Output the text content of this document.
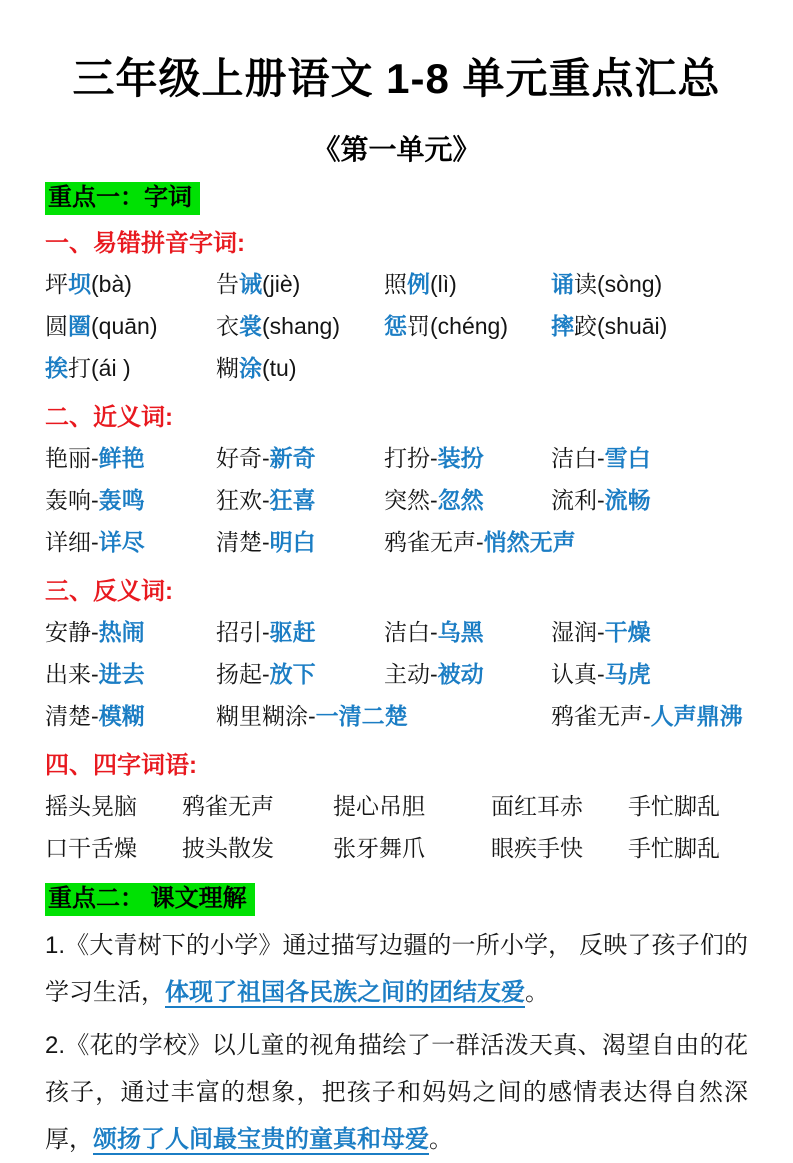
三年级上册语文 1-8 单元重点汇总
《第一单元》
重点一：字词
一、易错拼音字词:
坪坝(bà)	告诫(jiè)	照例(lì)	诵读(sòng)
圆圈(quān)	衣裳(shang)	惩罚(chéng)	摔跤(shuāi)
挨打(ái )	糊涂(tu)
二、近义词:
艳丽-鲜艳	好奇-新奇	打扮-装扮	洁白-雪白
轰响-轰鸣	狂欢-狂喜	突然-忽然	流利-流畅
详细-详尽	清楚-明白	鸦雀无声-悄然无声
三、反义词:
安静-热闹	招引-驱赶	洁白-乌黑	湿润-干燥
出来-进去	扬起-放下	主动-被动	认真-马虎
清楚-模糊	糊里糊涂-一清二楚	鸦雀无声-人声鼎沸
四、四字词语:
摇头晃脑	鸦雀无声	提心吊胆	面红耳赤	手忙脚乱
口干舌燥	披头散发	张牙舞爪	眼疾手快	手忙脚乱
重点二： 课文理解

1.《大青树下的小学》通过描写边疆的一所小学， 反映了孩子们的学习生活，体现了祖国各民族之间的团结友爱。

2.《花的学校》以儿童的视角描绘了一群活泼天真、渴望自由的花孩子，通过丰富的想象，把孩子和妈妈之间的感情表达得自然深厚，颂扬了人间最宝贵的童真和母爱。
